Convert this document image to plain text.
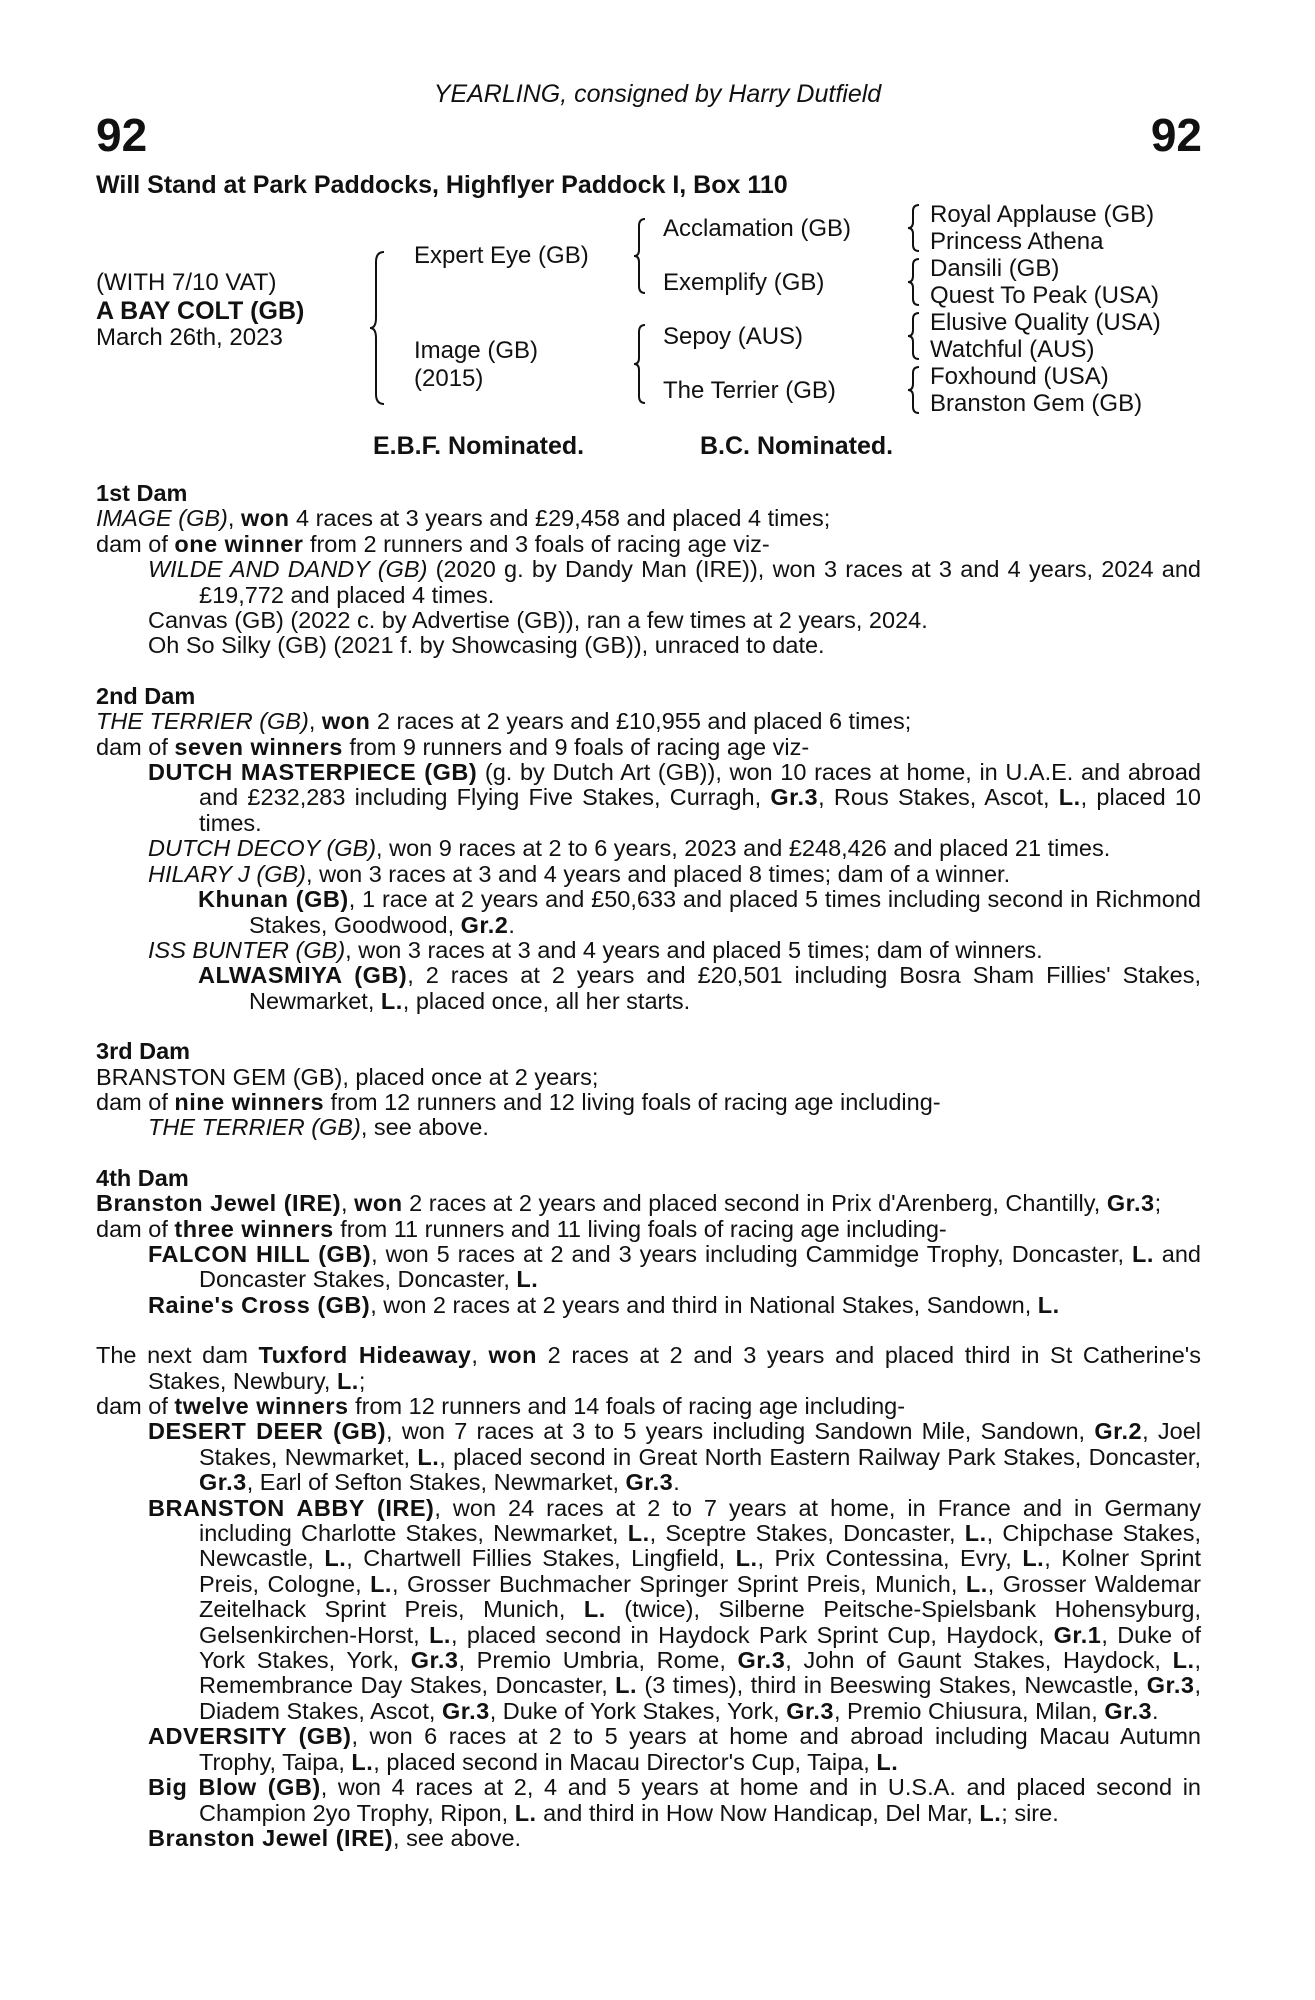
YEARLING, consigned by Harry Dutfield
92	92
Will Stand at Park Paddocks, Highflyer Paddock I, Box 110
(WITH 7/10 VAT)
A BAY COLT (GB)
March 26th, 2023
Expert Eye (GB)
Image (GB)
(2015)
Acclamation (GB)
Exemplify (GB)
Sepoy (AUS)
The Terrier (GB)
Royal Applause (GB)
Princess Athena
Dansili (GB)
Quest To Peak (USA)
Elusive Quality (USA)
Watchful (AUS)
Foxhound (USA)
Branston Gem (GB)
E.B.F. Nominated.	B.C. Nominated.

1st Dam

IMAGE (GB), won 4 races at 3 years and £29,458 and placed 4 times;

dam of one winner from 2 runners and 3 foals of racing age viz-

WILDE AND DANDY (GB) (2020 g. by Dandy Man (IRE)), won 3 races at 3 and 4 years, 2024 and £19,772 and placed 4 times.

Canvas (GB) (2022 c. by Advertise (GB)), ran a few times at 2 years, 2024.

Oh So Silky (GB) (2021 f. by Showcasing (GB)), unraced to date.

2nd Dam

THE TERRIER (GB), won 2 races at 2 years and £10,955 and placed 6 times;

dam of seven winners from 9 runners and 9 foals of racing age viz-

DUTCH MASTERPIECE (GB) (g. by Dutch Art (GB)), won 10 races at home, in U.A.E. and abroad and £232,283 including Flying Five Stakes, Curragh, Gr.3, Rous Stakes, Ascot, L., placed 10 times.

DUTCH DECOY (GB), won 9 races at 2 to 6 years, 2023 and £248,426 and placed 21 times.

HILARY J (GB), won 3 races at 3 and 4 years and placed 8 times; dam of a winner.

Khunan (GB), 1 race at 2 years and £50,633 and placed 5 times including second in Richmond Stakes, Goodwood, Gr.2.

ISS BUNTER (GB), won 3 races at 3 and 4 years and placed 5 times; dam of winners.

ALWASMIYA (GB), 2 races at 2 years and £20,501 including Bosra Sham Fillies' Stakes, Newmarket, L., placed once, all her starts.

3rd Dam

BRANSTON GEM (GB), placed once at 2 years;

dam of nine winners from 12 runners and 12 living foals of racing age including-

THE TERRIER (GB), see above.

4th Dam

Branston Jewel (IRE), won 2 races at 2 years and placed second in Prix d'Arenberg, Chantilly, Gr.3;

dam of three winners from 11 runners and 11 living foals of racing age including-

FALCON HILL (GB), won 5 races at 2 and 3 years including Cammidge Trophy, Doncaster, L. and Doncaster Stakes, Doncaster, L.

Raine's Cross (GB), won 2 races at 2 years and third in National Stakes, Sandown, L.

The next dam Tuxford Hideaway, won 2 races at 2 and 3 years and placed third in St Catherine's Stakes, Newbury, L.;

dam of twelve winners from 12 runners and 14 foals of racing age including-

DESERT DEER (GB), won 7 races at 3 to 5 years including Sandown Mile, Sandown, Gr.2, Joel Stakes, Newmarket, L., placed second in Great North Eastern Railway Park Stakes, Doncaster, Gr.3, Earl of Sefton Stakes, Newmarket, Gr.3.

BRANSTON ABBY (IRE), won 24 races at 2 to 7 years at home, in France and in Germany including Charlotte Stakes, Newmarket, L., Sceptre Stakes, Doncaster, L., Chipchase Stakes, Newcastle, L., Chartwell Fillies Stakes, Lingfield, L., Prix Contessina, Evry, L., Kolner Sprint Preis, Cologne, L., Grosser Buchmacher Springer Sprint Preis, Munich, L., Grosser Waldemar Zeitelhack Sprint Preis, Munich, L. (twice), Silberne Peitsche-Spielsbank Hohensyburg, Gelsenkirchen-Horst, L., placed second in Haydock Park Sprint Cup, Haydock, Gr.1, Duke of York Stakes, York, Gr.3, Premio Umbria, Rome, Gr.3, John of Gaunt Stakes, Haydock, L., Remembrance Day Stakes, Doncaster, L. (3 times), third in Beeswing Stakes, Newcastle, Gr.3, Diadem Stakes, Ascot, Gr.3, Duke of York Stakes, York, Gr.3, Premio Chiusura, Milan, Gr.3.

ADVERSITY (GB), won 6 races at 2 to 5 years at home and abroad including Macau Autumn Trophy, Taipa, L., placed second in Macau Director's Cup, Taipa, L.

Big Blow (GB), won 4 races at 2, 4 and 5 years at home and in U.S.A. and placed second in Champion 2yo Trophy, Ripon, L. and third in How Now Handicap, Del Mar, L.; sire.

Branston Jewel (IRE), see above.
